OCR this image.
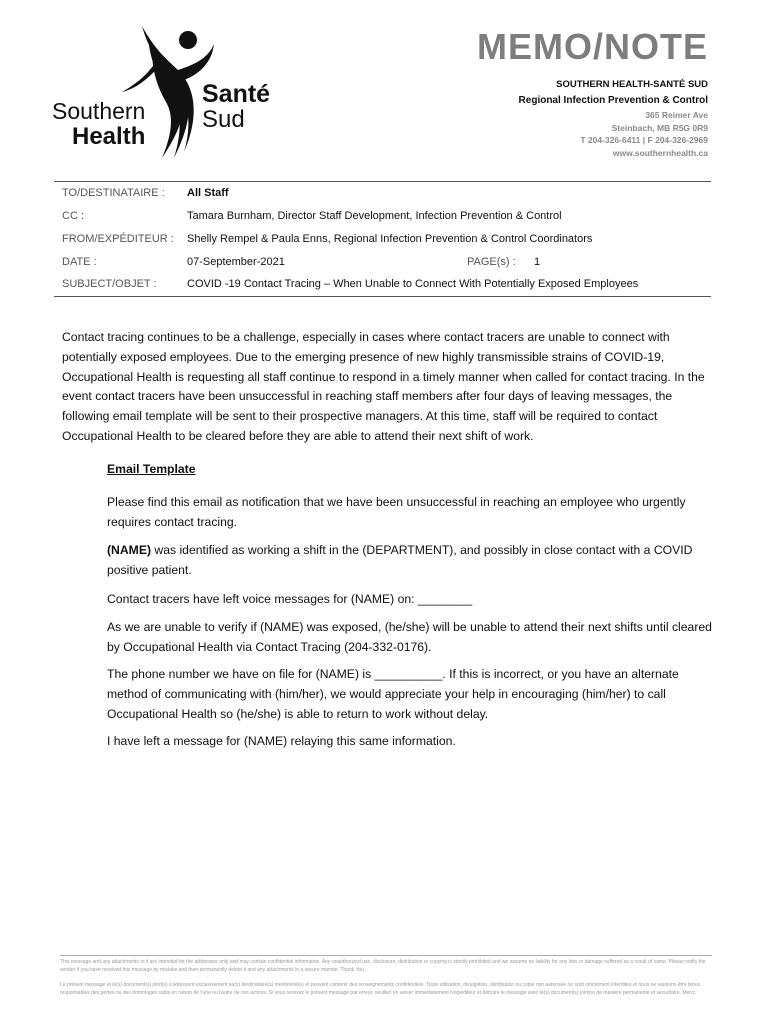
Southern
Health
Santé
Sud
MEMO/NOTE
SOUTHERN HEALTH-SANTÉ SUD
Regional Infection Prevention & Control
365 Reimer Ave
Steinbach, MB R5G 0R9
T 204-326-6411 | F 204-326-2969
www.southernhealth.ca
TO/DESTINATAIRE : All Staff
CC :	Tamara Burnham, Director Staff Development, Infection Prevention & Control
FROM/EXPÉDITEUR : Shelly Rempel & Paula Enns, Regional Infection Prevention & Control Coordinators
DATE :	07-September-2021	PAGE(s) : 1
SUBJECT/OBJET :	COVID -19 Contact Tracing – When Unable to Connect With Potentially Exposed Employees
Contact tracing continues to be a challenge, especially in cases where contact tracers are unable to connect with potentially exposed employees. Due to the emerging presence of new highly transmissible strains of COVID-19, Occupational Health is requesting all staff continue to respond in a timely manner when called for contact tracing. In the event contact tracers have been unsuccessful in reaching staff members after four days of leaving messages, the following email template will be sent to their prospective managers. At this time, staff will be required to contact Occupational Health to be cleared before they are able to attend their next shift of work.
Email Template
Please find this email as notification that we have been unsuccessful in reaching an employee who urgently requires contact tracing.
(NAME) was identified as working a shift in the (DEPARTMENT), and possibly in close contact with a COVID positive patient.
Contact tracers have left voice messages for (NAME) on: ________
As we are unable to verify if (NAME) was exposed, (he/she) will be unable to attend their next shifts until cleared by Occupational Health via Contact Tracing (204-332-0176).
The phone number we have on file for (NAME) is __________. If this is incorrect, or you have an alternate method of communicating with (him/her), we would appreciate your help in encouraging (him/her) to call Occupational Health so (he/she) is able to return to work without delay.
I have left a message for (NAME) relaying this same information.
This message and any attachments to it are intended for the addressee only and may contain confidential information. Any unauthorized use, disclosure, distribution or copying is strictly prohibited and we assume no liability for any loss or damage suffered as a result of same. Please notify the sender if you have received this message by mistake and then permanently delete it and any attachments in a secure manner. Thank You.
Le présent message et le(s) document(s) joint(s) s'adressent exclusivement au(x) destinataire(s) mentionné(s) et peuvent contenir des renseignements confidentiels. Toute utilisation, divulgation, distribution ou copie non autorisée ne sont strictement interdites et nous ne saurions être tenus responsables des pertes ou des dommages subis en raison de l'une ou l'autre de ces actions. Si vous recevez le présent message par erreur, veuillez en aviser immédiatement l'expéditeur et détruire le message avec le(s) document(s) joint(s) de manière permanente et sécuritaire. Merci.
